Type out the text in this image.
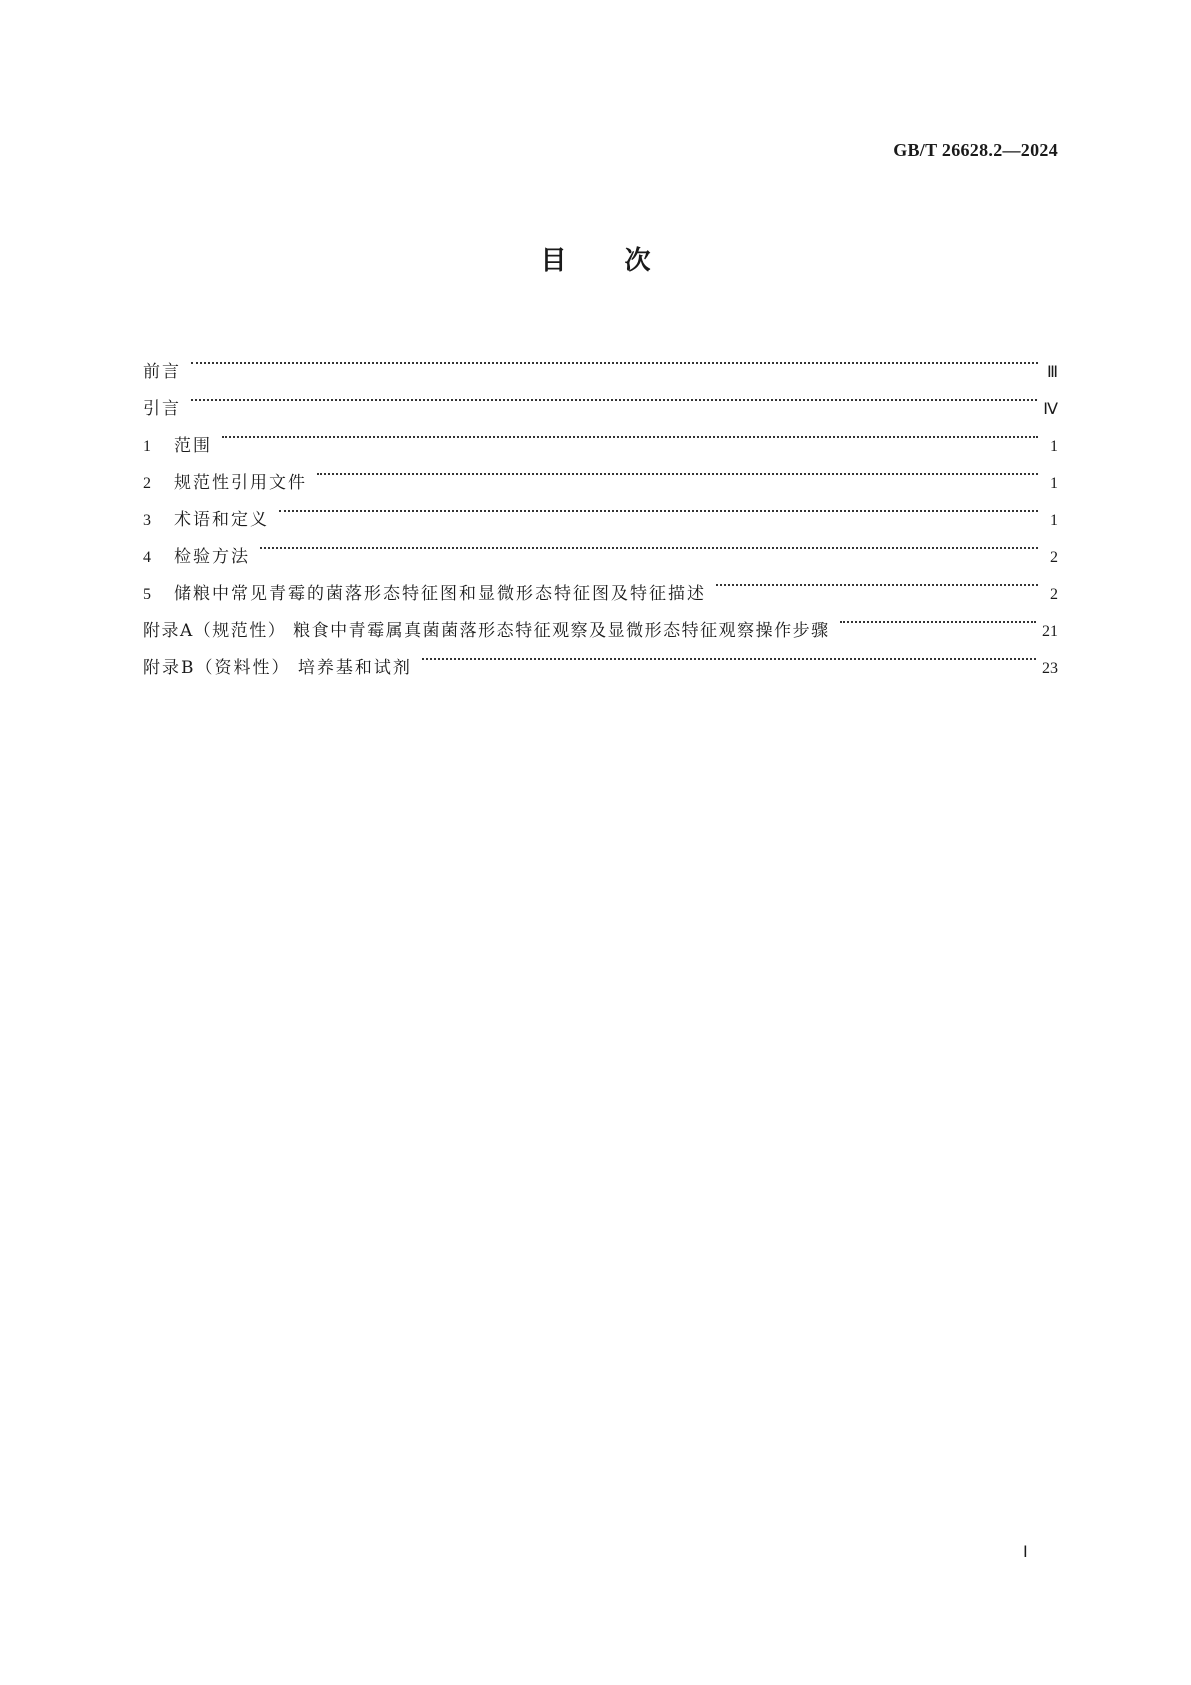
GB/T 26628.2—2024
目次
前言	Ⅲ
引言	Ⅳ
1	范围	1
2	规范性引用文件	1
3	术语和定义	1
4	检验方法	2
5	储粮中常见青霉的菌落形态特征图和显微形态特征图及特征描述	2
附录A（规范性） 粮食中青霉属真菌菌落形态特征观察及显微形态特征观察操作步骤	21
附录B（资料性） 培养基和试剂	23
Ⅰ
